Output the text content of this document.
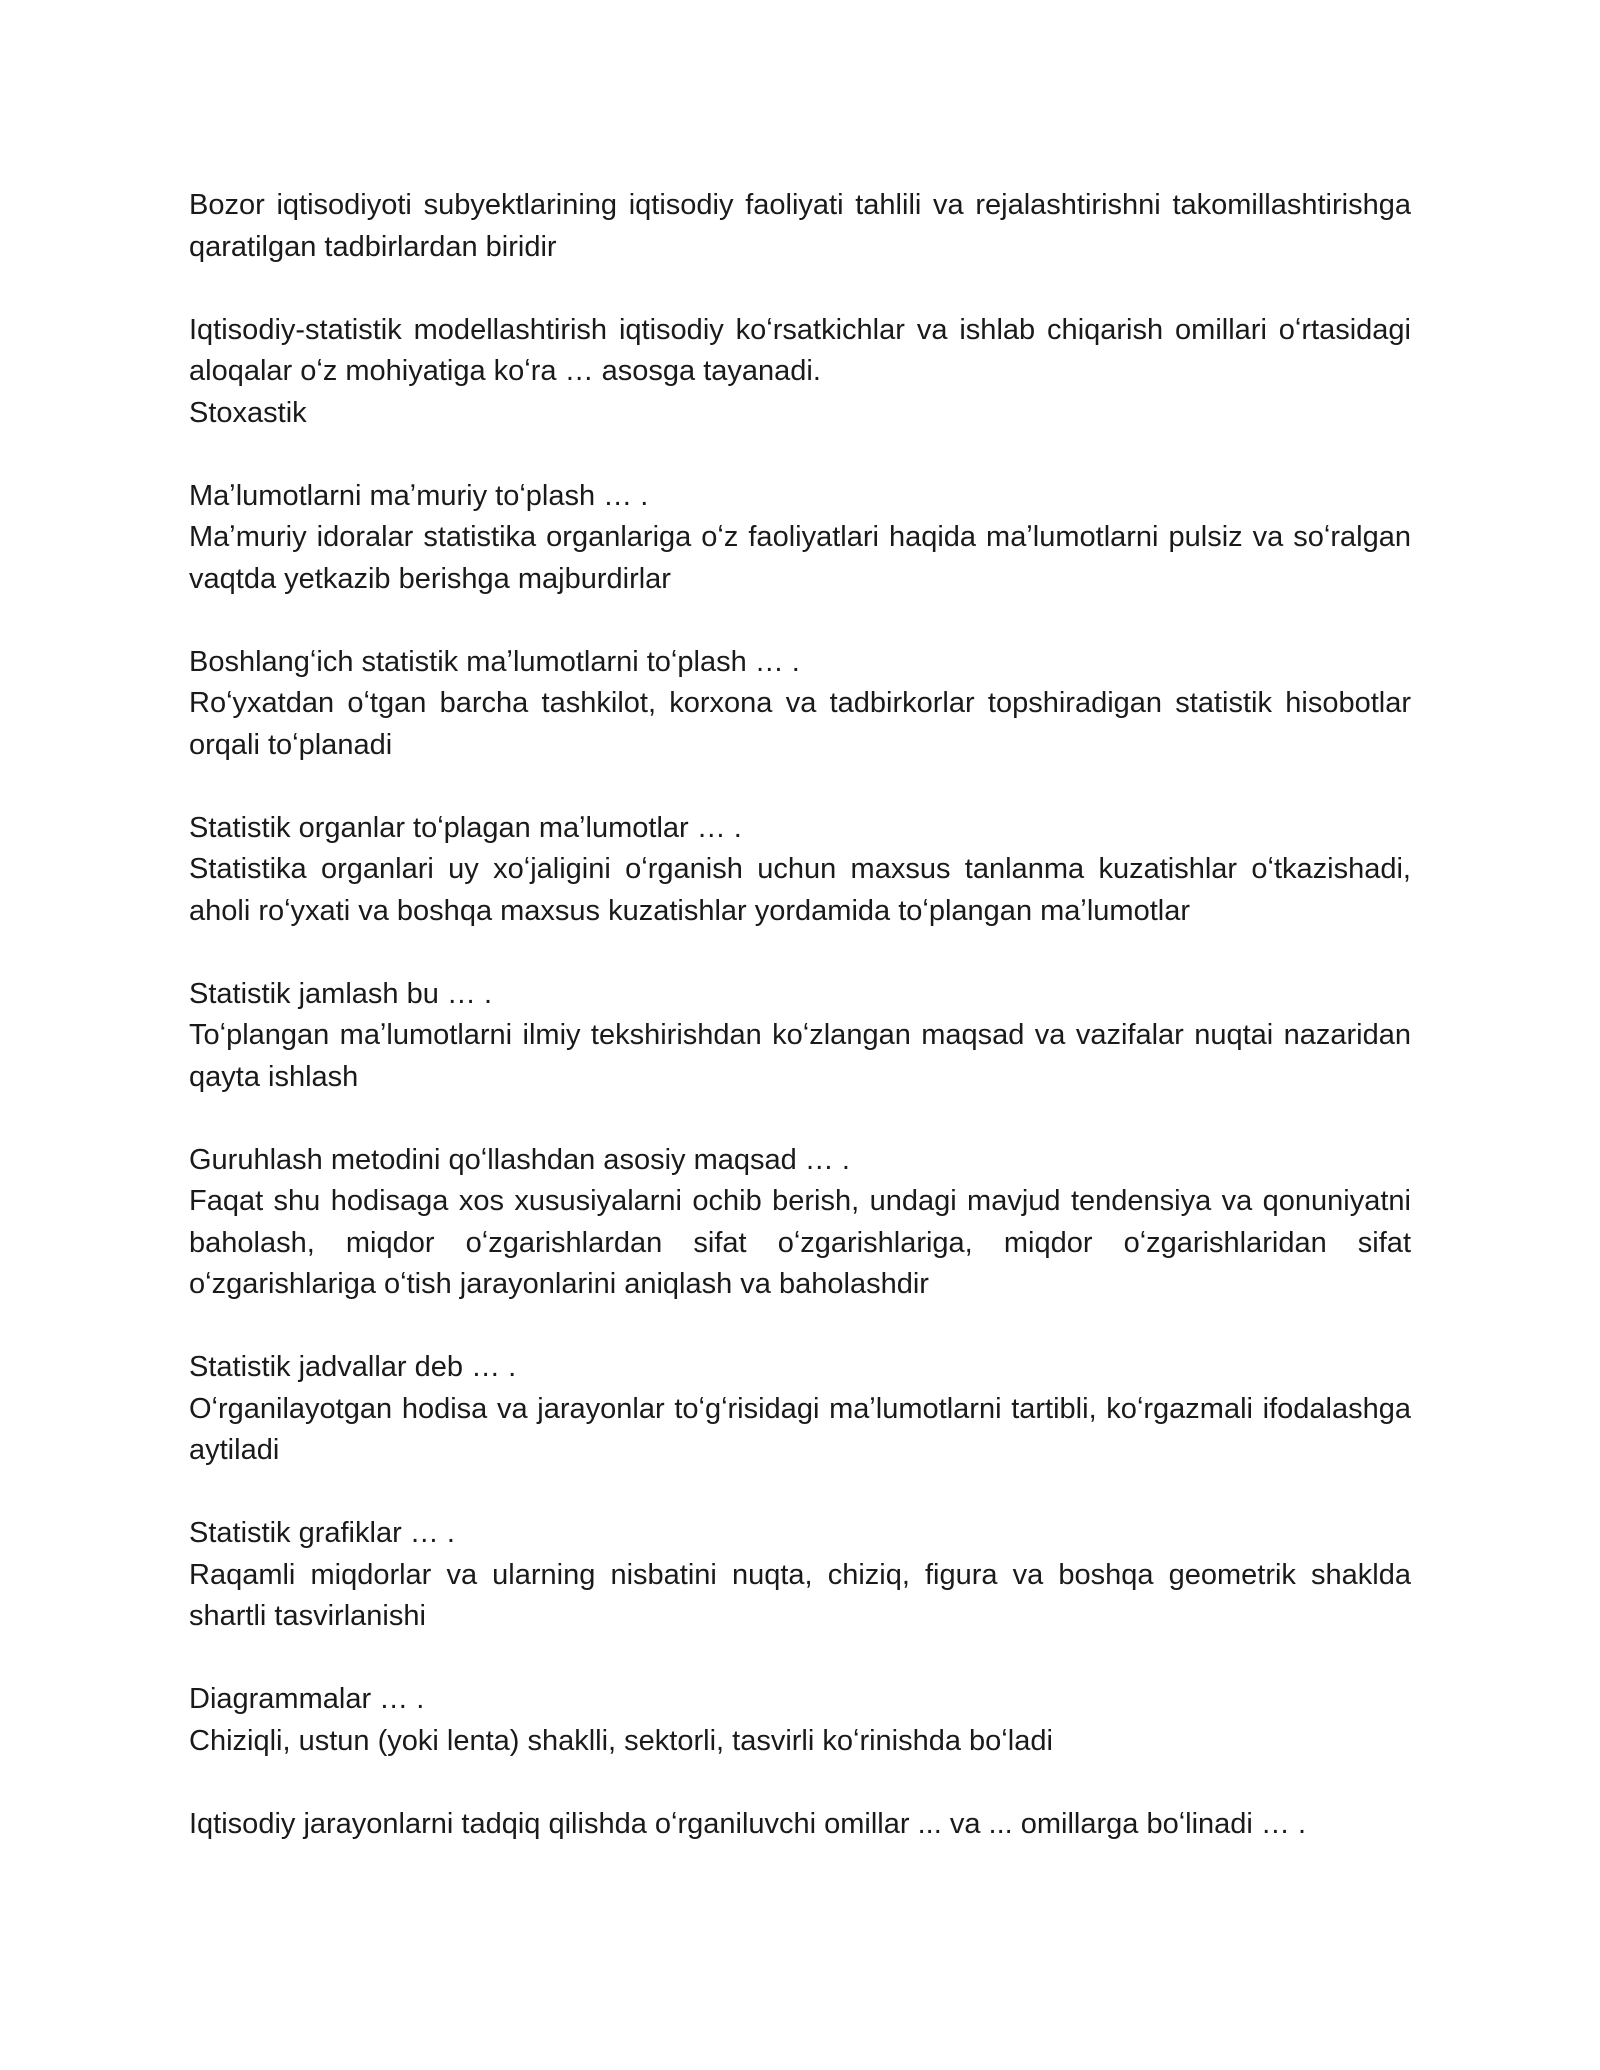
Bozor iqtisodiyoti subyektlarining iqtisodiy faoliyati tahlili va rejalashtirishni takomillashtirishga qaratilgan tadbirlardan biridir

Iqtisodiy-statistik modellashtirish iqtisodiy koʻrsatkichlar va ishlab chiqarish omillari oʻrtasidagi aloqalar oʻz mohiyatiga koʻra … asosga tayanadi.

Stoxastik

Maʼlumotlarni maʼmuriy toʻplash … .

Maʼmuriy idoralar statistika organlariga oʻz faoliyatlari haqida maʼlumotlarni pulsiz va soʻralgan vaqtda yetkazib berishga majburdirlar

Boshlangʻich statistik maʼlumotlarni toʻplash … .

Roʻyxatdan oʻtgan barcha tashkilot, korxona va tadbirkorlar topshiradigan statistik hisobotlar orqali toʻplanadi

Statistik organlar toʻplagan maʼlumotlar … .

Statistika organlari uy xoʻjaligini oʻrganish uchun maxsus tanlanma kuzatishlar oʻtkazishadi, aholi roʻyxati va boshqa maxsus kuzatishlar yordamida toʻplangan maʼlumotlar

Statistik jamlash bu … .

Toʻplangan maʼlumotlarni ilmiy tekshirishdan koʻzlangan maqsad va vazifalar nuqtai nazaridan qayta ishlash

Guruhlash metodini qoʻllashdan asosiy maqsad … .

Faqat shu hodisaga xos xususiyalarni ochib berish, undagi mavjud tendensiya va qonuniyatni baholash, miqdor oʻzgarishlardan sifat oʻzgarishlariga, miqdor oʻzgarishlaridan sifat oʻzgarishlariga oʻtish jarayonlarini aniqlash va baholashdir

Statistik jadvallar deb … .

Oʻrganilayotgan hodisa va jarayonlar toʻgʻrisidagi maʼlumotlarni tartibli, koʻrgazmali ifodalashga aytiladi

Statistik grafiklar … .

Raqamli miqdorlar va ularning nisbatini nuqta, chiziq, figura va boshqa geometrik shaklda shartli tasvirlanishi

Diagrammalar … .

Chiziqli, ustun (yoki lenta) shaklli, sektorli, tasvirli koʻrinishda boʻladi

Iqtisodiy jarayonlarni tadqiq qilishda oʻrganiluvchi omillar ... va ... omillarga boʻlinadi … .
